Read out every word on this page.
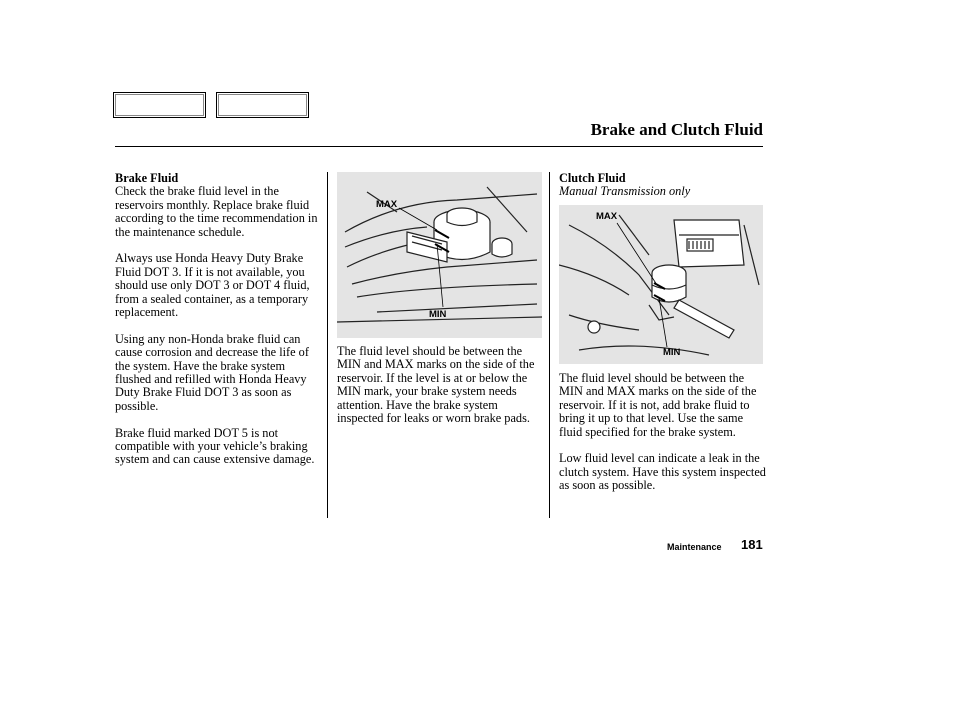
Brake and Clutch Fluid
Brake Fluid

Check the brake fluid level in the reservoirs monthly. Replace brake fluid according to the time recommendation in the maintenance schedule.

Always use Honda Heavy Duty Brake Fluid DOT 3. If it is not available, you should use only DOT 3 or DOT 4 fluid, from a sealed container, as a temporary replacement.

Using any non-Honda brake fluid can cause corrosion and decrease the life of the system. Have the brake system flushed and refilled with Honda Heavy Duty Brake Fluid DOT 3 as soon as possible.

Brake fluid marked DOT 5 is not compatible with your vehicle’s braking system and can cause extensive damage.

MAX
MIN

The fluid level should be between the MIN and MAX marks on the side of the reservoir. If the level is at or below the MIN mark, your brake system needs attention. Have the brake system inspected for leaks or worn brake pads.

Clutch Fluid
Manual Transmission only
MAX
MIN

The fluid level should be between the MIN and MAX marks on the side of the reservoir. If it is not, add brake fluid to bring it up to that level. Use the same fluid specified for the brake system.

Low fluid level can indicate a leak in the clutch system. Have this system inspected as soon as possible.

Maintenance 181
